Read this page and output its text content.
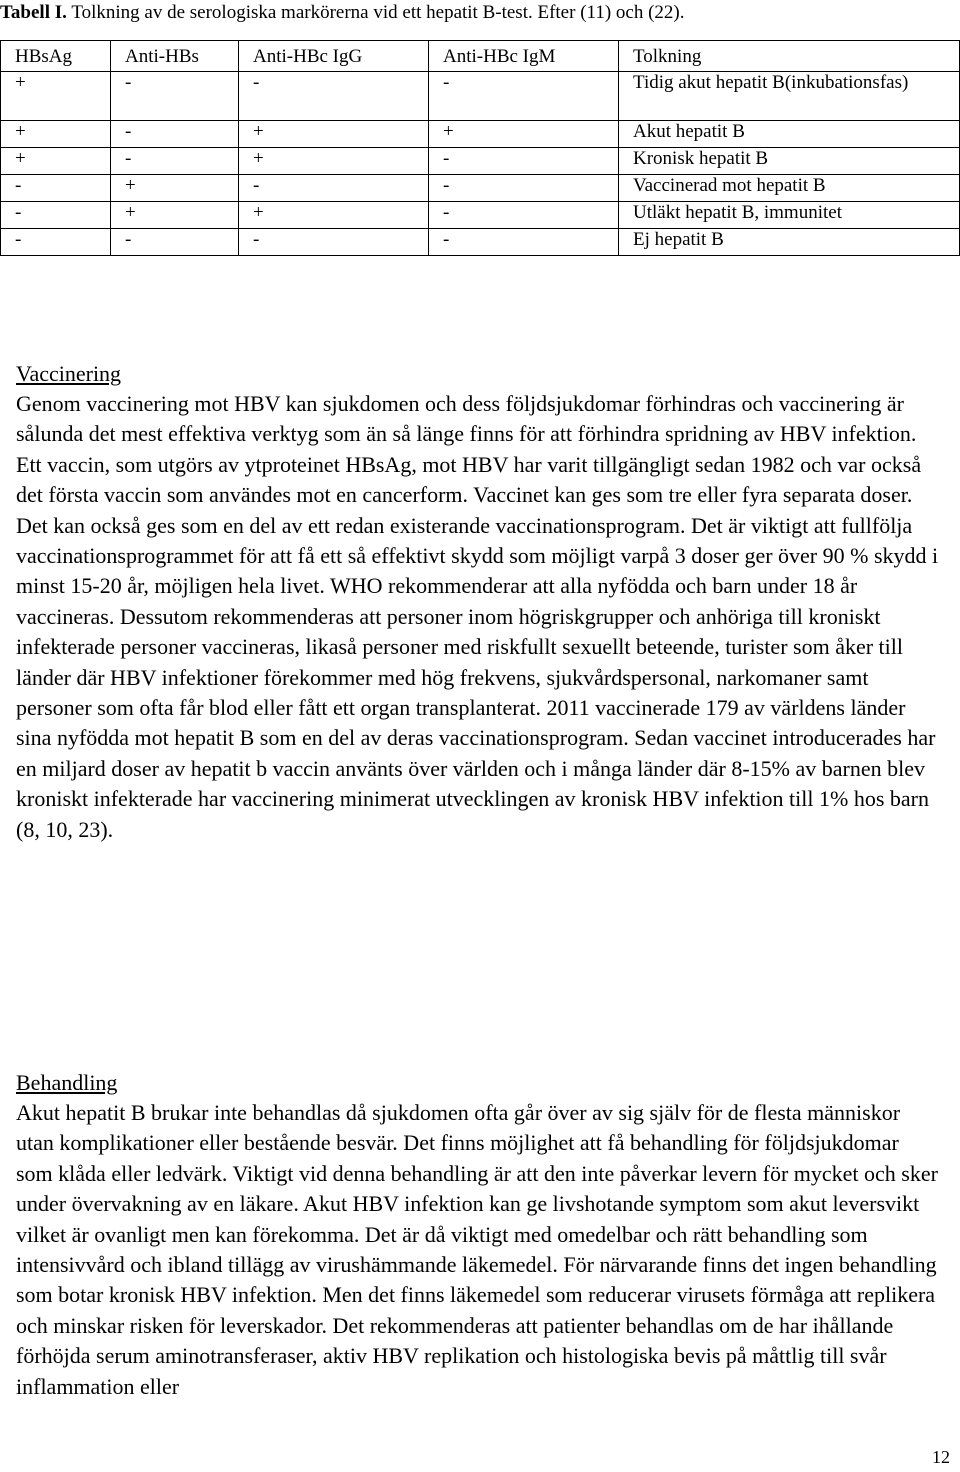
Tabell I. Tolkning av de serologiska markörerna vid ett hepatit B-test. Efter (11) och (22).
HBsAg	Anti-HBs	Anti-HBc IgG	Anti-HBc IgM	Tolkning
+	-	-	-	Tidig akut hepatit B(inkubationsfas)
+	-	+	+	Akut hepatit B
+	-	+	-	Kronisk hepatit B
-	+	-	-	Vaccinerad mot hepatit B
-	+	+	-	Utläkt hepatit B, immunitet
-	-	-	-	Ej hepatit B
Vaccinering

Genom vaccinering mot HBV kan sjukdomen och dess följdsjukdomar förhindras och vaccinering är sålunda det mest effektiva verktyg som än så länge finns för att förhindra spridning av HBV infektion. Ett vaccin, som utgörs av ytproteinet HBsAg, mot HBV har varit tillgängligt sedan 1982 och var också det första vaccin som användes mot en cancerform. Vaccinet kan ges som tre eller fyra separata doser. Det kan också ges som en del av ett redan existerande vaccinationsprogram. Det är viktigt att fullfölja vaccinationsprogrammet för att få ett så effektivt skydd som möjligt varpå 3 doser ger över 90 % skydd i minst 15-20 år, möjligen hela livet. WHO rekommenderar att alla nyfödda och barn under 18 år vaccineras. Dessutom rekommenderas att personer inom högriskgrupper och anhöriga till kroniskt infekterade personer vaccineras, likaså personer med riskfullt sexuellt beteende, turister som åker till länder där HBV infektioner förekommer med hög frekvens, sjukvårdspersonal, narkomaner samt personer som ofta får blod eller fått ett organ transplanterat. 2011 vaccinerade 179 av världens länder sina nyfödda mot hepatit B som en del av deras vaccinationsprogram. Sedan vaccinet introducerades har en miljard doser av hepatit b vaccin använts över världen och i många länder där 8-15% av barnen blev kroniskt infekterade har vaccinering minimerat utvecklingen av kronisk HBV infektion till 1% hos barn (8, 10, 23).

Behandling

Akut hepatit B brukar inte behandlas då sjukdomen ofta går över av sig själv för de flesta människor utan komplikationer eller bestående besvär. Det finns möjlighet att få behandling för följdsjukdomar som klåda eller ledvärk. Viktigt vid denna behandling är att den inte påverkar levern för mycket och sker under övervakning av en läkare. Akut HBV infektion kan ge livshotande symptom som akut leversvikt vilket är ovanligt men kan förekomma. Det är då viktigt med omedelbar och rätt behandling som intensivvård och ibland tillägg av virushämmande läkemedel. För närvarande finns det ingen behandling som botar kronisk HBV infektion. Men det finns läkemedel som reducerar virusets förmåga att replikera och minskar risken för leverskador. Det rekommenderas att patienter behandlas om de har ihållande förhöjda serum aminotransferaser, aktiv HBV replikation och histologiska bevis på måttlig till svår inflammation eller

12
